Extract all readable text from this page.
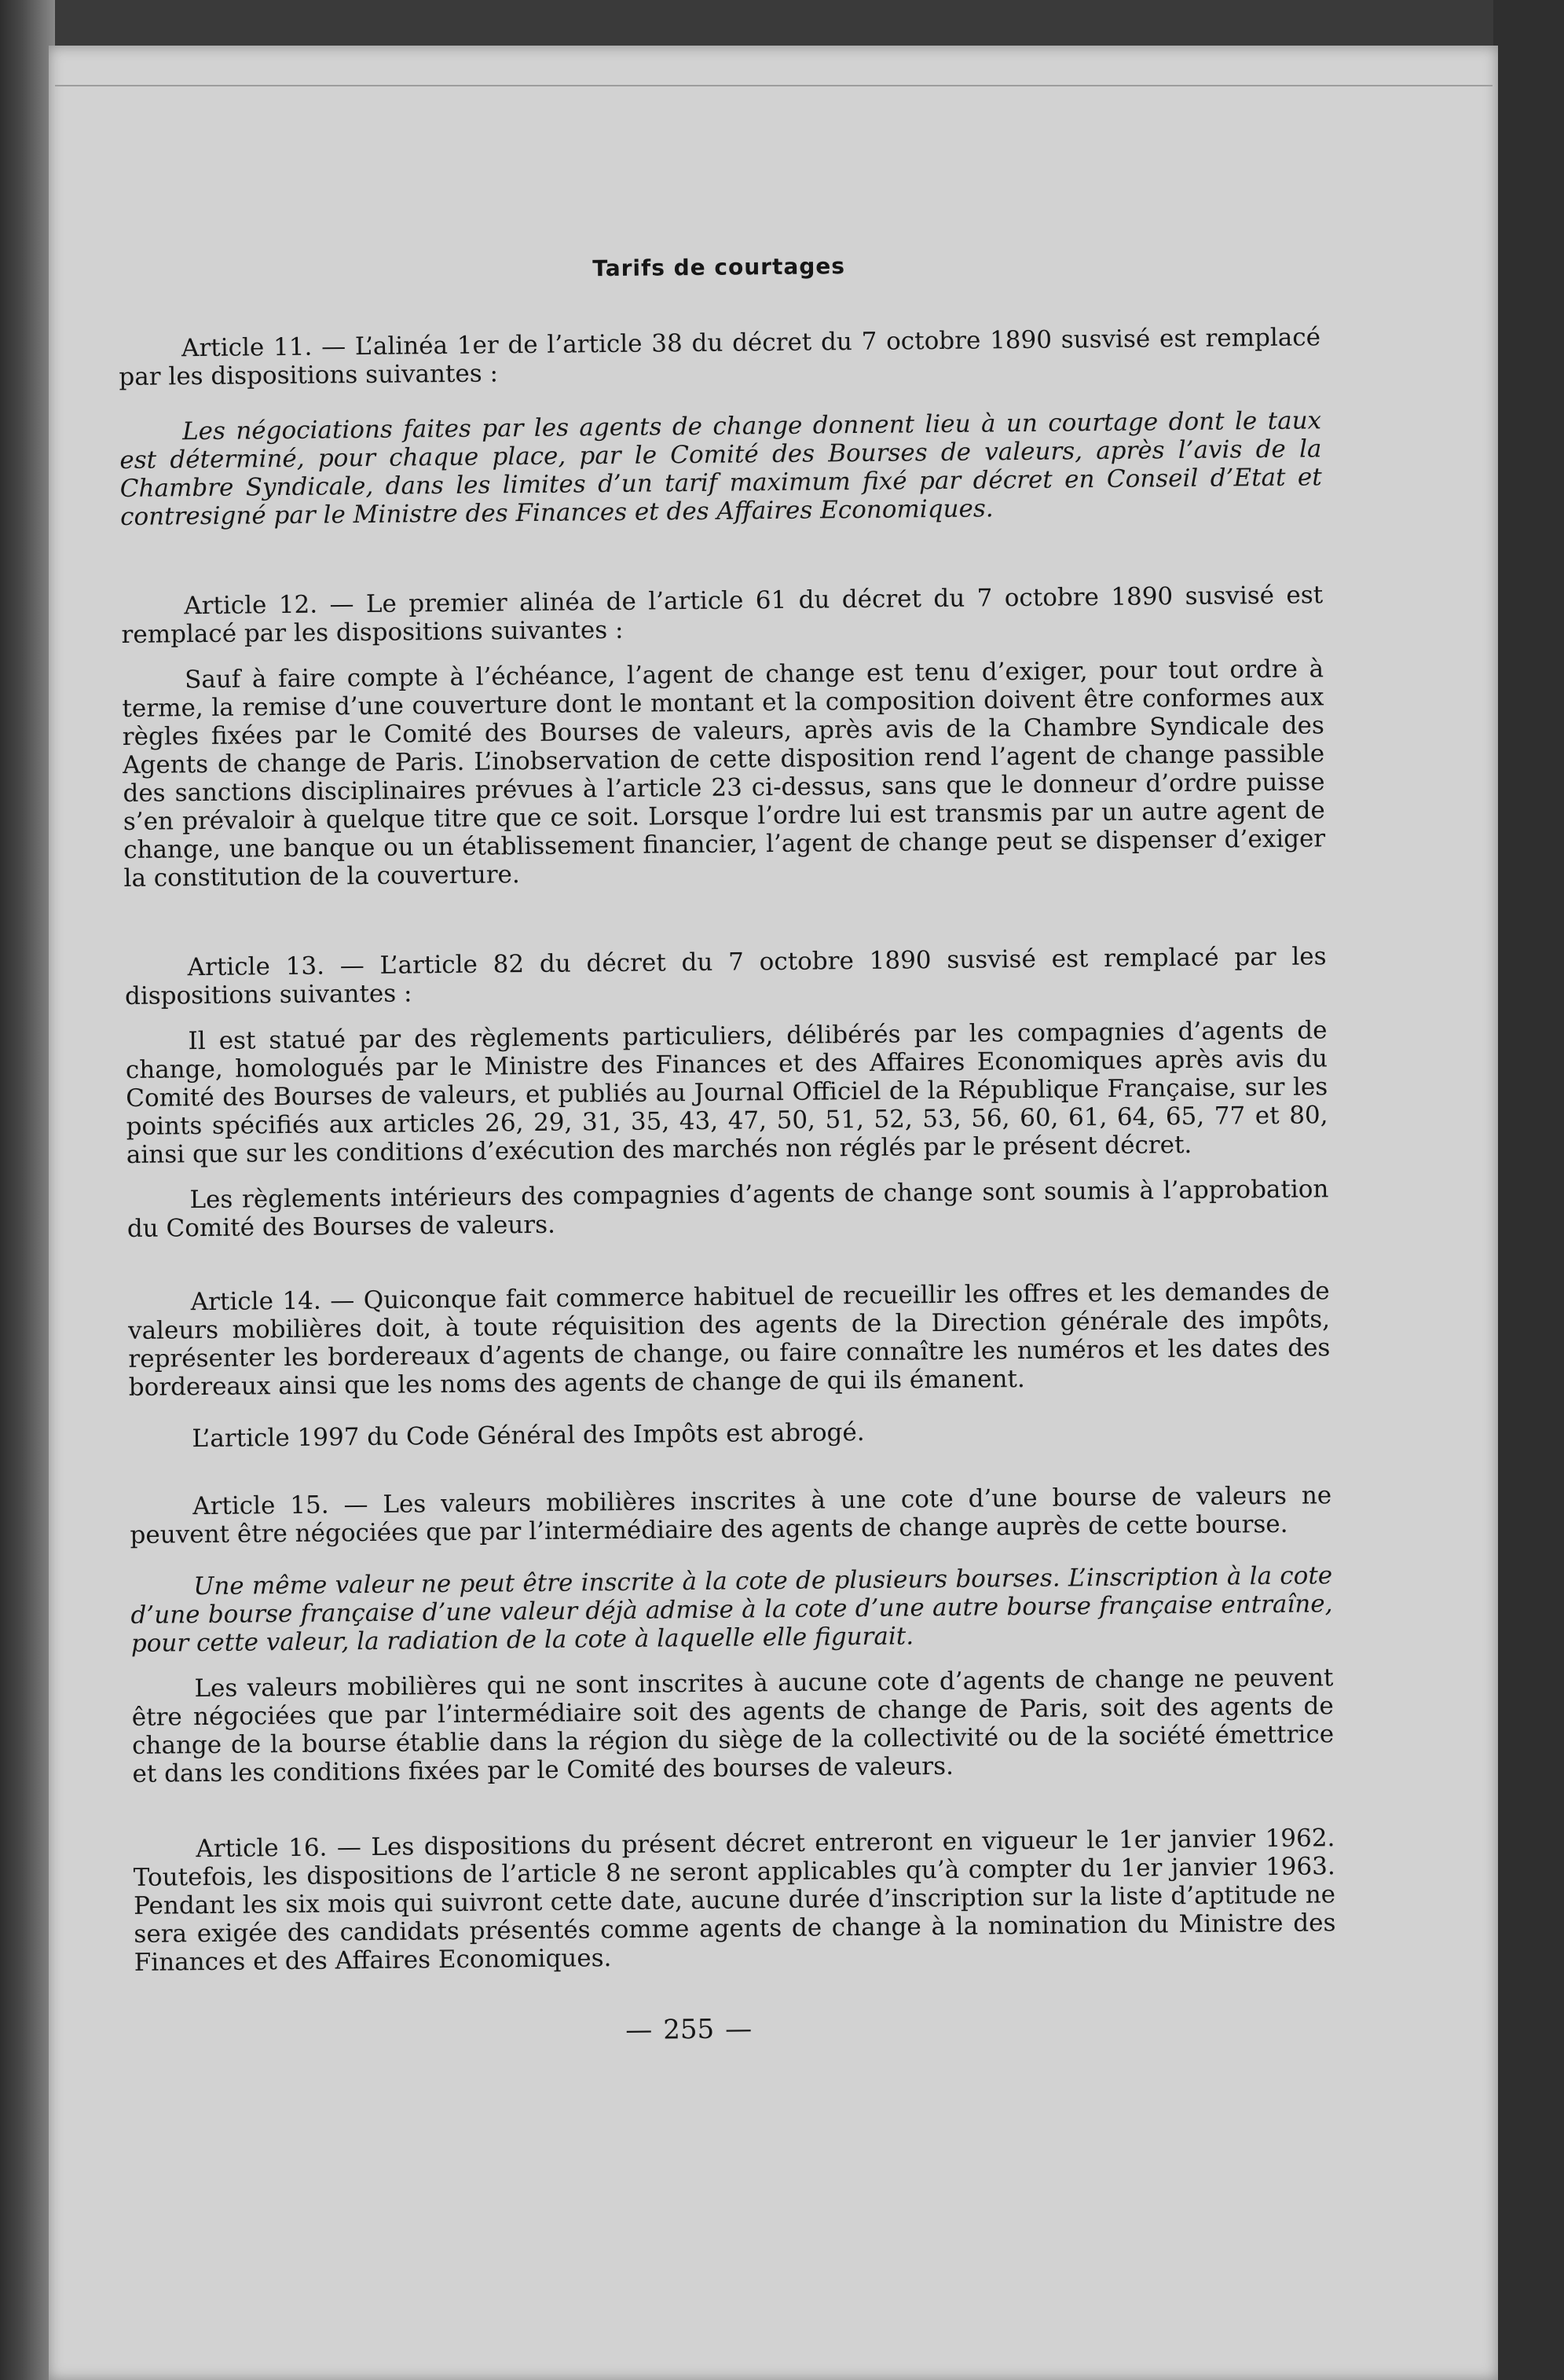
Tarifs de courtages

Article 11. — L’alinéa 1er de l’article 38 du décret du 7 octobre 1890 susvisé est remplacé par les dispositions suivantes :

Les négociations faites par les agents de change donnent lieu à un courtage dont le taux est déterminé, pour chaque place, par le Comité des Bourses de valeurs, après l’avis de la Chambre Syndicale, dans les limites d’un tarif maximum fixé par décret en Conseil d’Etat et contresigné par le Ministre des Finances et des Affaires Economiques.

Article 12. — Le premier alinéa de l’article 61 du décret du 7 octobre 1890 susvisé est remplacé par les dispositions suivantes :

Sauf à faire compte à l’échéance, l’agent de change est tenu d’exiger, pour tout ordre à terme, la remise d’une couverture dont le montant et la composition doivent être conformes aux règles fixées par le Comité des Bourses de valeurs, après avis de la Chambre Syndicale des Agents de change de Paris. L’inobservation de cette disposition rend l’agent de change passible des sanctions disciplinaires prévues à l’article 23 ci-dessus, sans que le donneur d’ordre puisse s’en prévaloir à quelque titre que ce soit. Lorsque l’ordre lui est transmis par un autre agent de change, une banque ou un établissement financier, l’agent de change peut se dispenser d’exiger la constitution de la couverture.

Article 13. — L’article 82 du décret du 7 octobre 1890 susvisé est remplacé par les dispositions suivantes :

Il est statué par des règlements particuliers, délibérés par les compagnies d’agents de change, homologués par le Ministre des Finances et des Affaires Economiques après avis du Comité des Bourses de valeurs, et publiés au Journal Officiel de la République Française, sur les points spécifiés aux articles 26, 29, 31, 35, 43, 47, 50, 51, 52, 53, 56, 60, 61, 64, 65, 77 et 80, ainsi que sur les conditions d’exécution des marchés non réglés par le présent décret.

Les règlements intérieurs des compagnies d’agents de change sont soumis à l’approbation du Comité des Bourses de valeurs.

Article 14. — Quiconque fait commerce habituel de recueillir les offres et les demandes de valeurs mobilières doit, à toute réquisition des agents de la Direction générale des impôts, représenter les bordereaux d’agents de change, ou faire connaître les numéros et les dates des bordereaux ainsi que les noms des agents de change de qui ils émanent.

L’article 1997 du Code Général des Impôts est abrogé.

Article 15. — Les valeurs mobilières inscrites à une cote d’une bourse de valeurs ne peuvent être négociées que par l’intermédiaire des agents de change auprès de cette bourse.

Une même valeur ne peut être inscrite à la cote de plusieurs bourses. L’inscription à la cote d’une bourse française d’une valeur déjà admise à la cote d’une autre bourse française entraîne, pour cette valeur, la radiation de la cote à laquelle elle figurait.

Les valeurs mobilières qui ne sont inscrites à aucune cote d’agents de change ne peuvent être négociées que par l’intermédiaire soit des agents de change de Paris, soit des agents de change de la bourse établie dans la région du siège de la collectivité ou de la société émettrice et dans les conditions fixées par le Comité des bourses de valeurs.

Article 16. — Les dispositions du présent décret entreront en vigueur le 1er janvier 1962. Toutefois, les dispositions de l’article 8 ne seront applicables qu’à compter du 1er janvier 1963. Pendant les six mois qui suivront cette date, aucune durée d’inscription sur la liste d’aptitude ne sera exigée des candidats présentés comme agents de change à la nomination du Ministre des Finances et des Affaires Economiques.

— 255 —
